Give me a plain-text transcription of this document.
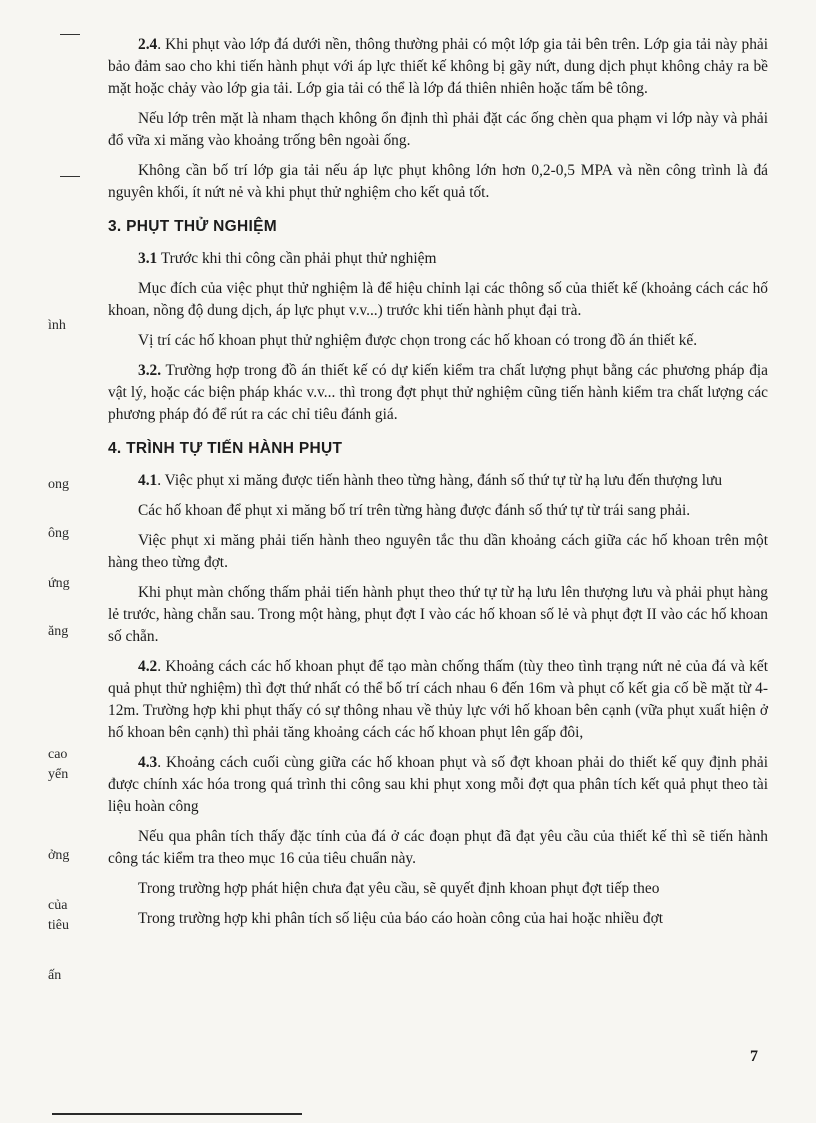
ình
ong
ông
ứng
ăng
cao
yển
ởng
của
tiêu
ấn

2.4. Khi phụt vào lớp đá dưới nền, thông thường phải có một lớp gia tải bên trên. Lớp gia tải này phải bảo đảm sao cho khi tiến hành phụt với áp lực thiết kế không bị gãy nứt, dung dịch phụt không chảy ra bề mặt hoặc chảy vào lớp gia tải. Lớp gia tải có thể là lớp đá thiên nhiên hoặc tấm bê tông.

Nếu lớp trên mặt là nham thạch không ổn định thì phải đặt các ống chèn qua phạm vi lớp này và phải đổ vữa xi măng vào khoảng trống bên ngoài ống.

Không cần bố trí lớp gia tải nếu áp lực phụt không lớn hơn 0,2-0,5 MPA và nền công trình là đá nguyên khối, ít nứt nẻ và khi phụt thử nghiệm cho kết quả tốt.

3. PHỤT THỬ NGHIỆM

3.1 Trước khi thi công cần phải phụt thử nghiệm

Mục đích của việc phụt thử nghiệm là để hiệu chỉnh lại các thông số của thiết kế (khoảng cách các hố khoan, nồng độ dung dịch, áp lực phụt v.v...) trước khi tiến hành phụt đại trà.

Vị trí các hố khoan phụt thử nghiệm được chọn trong các hố khoan có trong đồ án thiết kế.

3.2. Trường hợp trong đồ án thiết kế có dự kiến kiểm tra chất lượng phụt bằng các phương pháp địa vật lý, hoặc các biện pháp khác v.v... thì trong đợt phụt thử nghiệm cũng tiến hành kiểm tra chất lượng các phương pháp đó để rút ra các chỉ tiêu đánh giá.

4. TRÌNH TỰ TIẾN HÀNH PHỤT

4.1. Việc phụt xi măng được tiến hành theo từng hàng, đánh số thứ tự từ hạ lưu đến thượng lưu

Các hố khoan để phụt xi măng bố trí trên từng hàng được đánh số thứ tự từ trái sang phải.

Việc phụt xi măng phải tiến hành theo nguyên tắc thu dần khoảng cách giữa các hố khoan trên một hàng theo từng đợt.

Khi phụt màn chống thấm phải tiến hành phụt theo thứ tự từ hạ lưu lên thượng lưu và phải phụt hàng lẻ trước, hàng chẵn sau. Trong một hàng, phụt đợt I vào các hố khoan số lẻ và phụt đợt II vào các hố khoan số chẵn.

4.2. Khoảng cách các hố khoan phụt để tạo màn chống thấm (tùy theo tình trạng nứt nẻ của đá và kết quả phụt thử nghiệm) thì đợt thứ nhất có thể bố trí cách nhau 6 đến 16m và phụt cố kết gia cố bề mặt từ 4-12m. Trường hợp khi phụt thấy có sự thông nhau về thủy lực với hố khoan bên cạnh (vữa phụt xuất hiện ở hố khoan bên cạnh) thì phải tăng khoảng cách các hố khoan phụt lên gấp đôi,

4.3. Khoảng cách cuối cùng giữa các hố khoan phụt và số đợt khoan phải do thiết kế quy định phải được chính xác hóa trong quá trình thi công sau khi phụt xong mỗi đợt qua phân tích kết quả phụt theo tài liệu hoàn công

Nếu qua phân tích thấy đặc tính của đá ở các đoạn phụt đã đạt yêu cầu của thiết kế thì sẽ tiến hành công tác kiểm tra theo mục 16 của tiêu chuẩn này.

Trong trường hợp phát hiện chưa đạt yêu cầu, sẽ quyết định khoan phụt đợt tiếp theo

Trong trường hợp khi phân tích số liệu của báo cáo hoàn công của hai hoặc nhiều đợt

7
